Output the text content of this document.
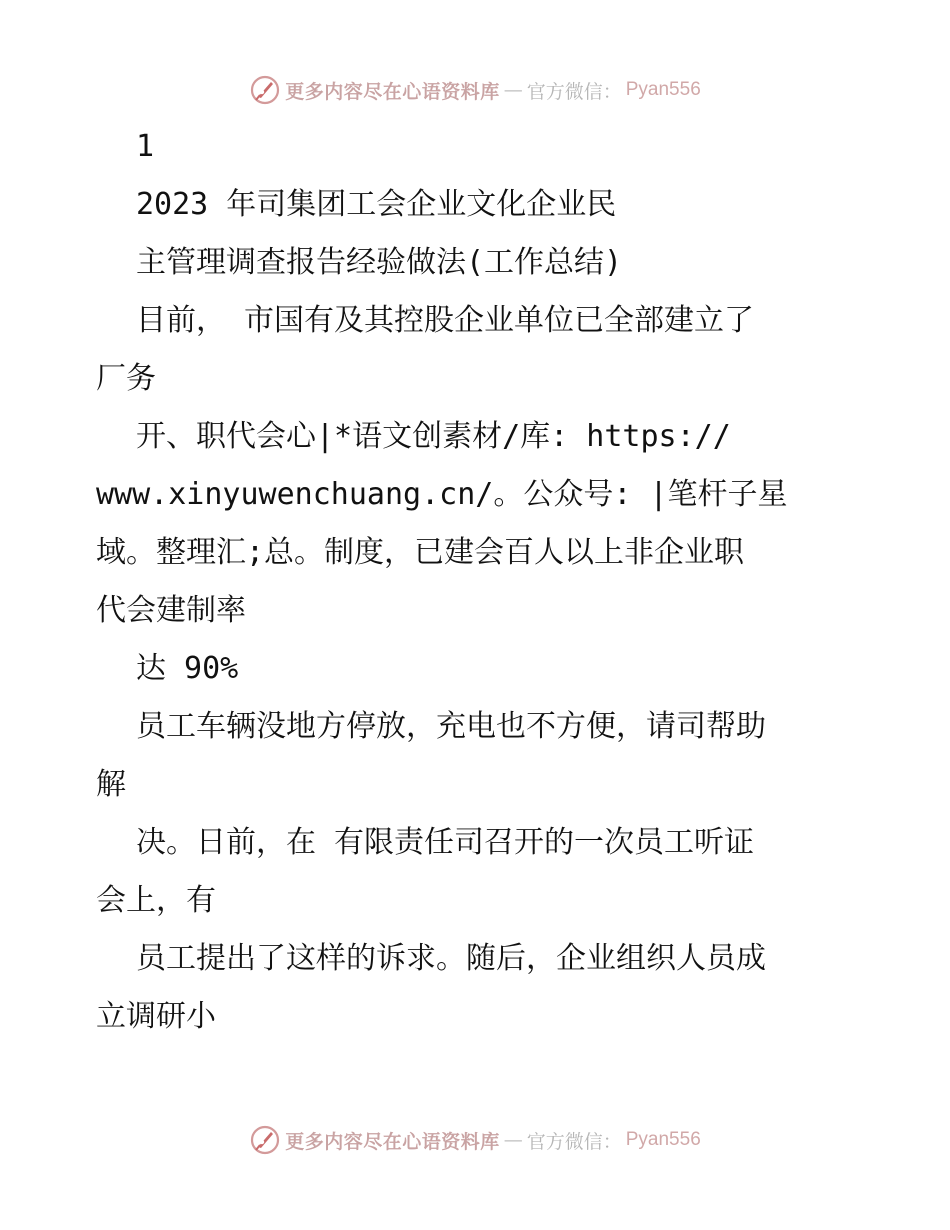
更多内容尽在心语资料库 — 官方微信： Pyan556
1
2023 年司集团工会企业文化企业民
主管理调查报告经验做法(工作总结)
目前， 市国有及其控股企业单位已全部建立了
厂务
开、职代会心|*语文创素材/库: https://
www.xinyuwenchuang.cn/。公众号: |笔杆子星
域。整理汇;总。制度，已建会百人以上非企业职
代会建制率
达 90%
员工车辆没地方停放，充电也不方便，请司帮助
解
决。日前，在 有限责任司召开的一次员工听证
会上，有
员工提出了这样的诉求。随后，企业组织人员成
立调研小
更多内容尽在心语资料库 — 官方微信： Pyan556
